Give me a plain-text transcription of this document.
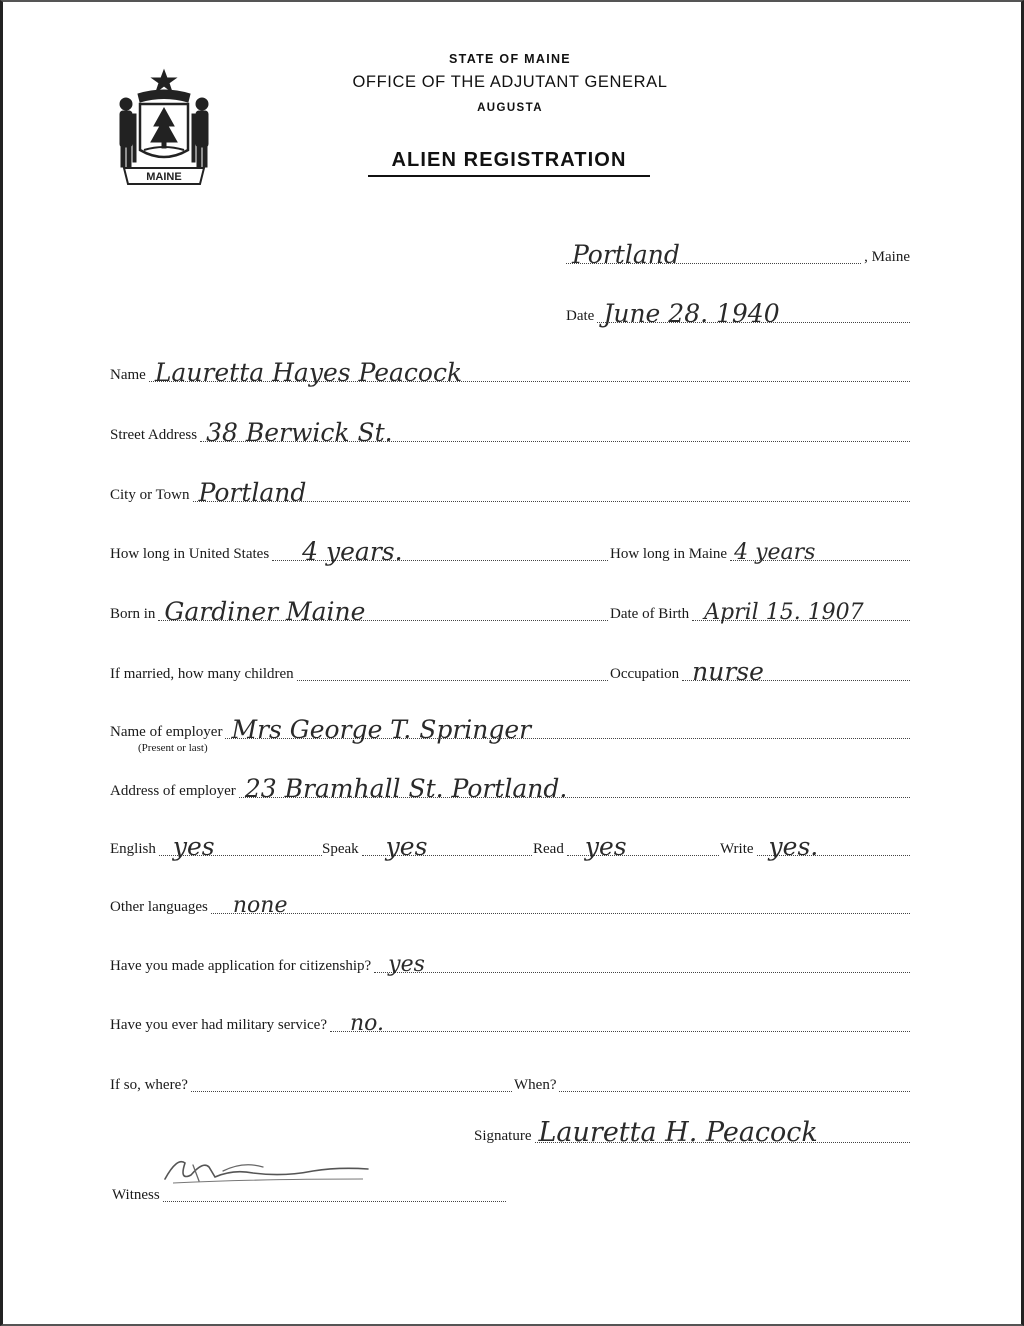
MAINE
STATE OF MAINE
OFFICE OF THE ADJUTANT GENERAL
AUGUSTA
ALIEN REGISTRATION
Portland	, Maine
Date June 28. 1940
Name Lauretta Hayes Peacock
Street Address 38 Berwick St.
City or Town Portland
How long in United States 4 years.	How long in Maine 4 years
Born in Gardiner Maine	Date of Birth April 15. 1907
If married, how many children	Occupation nurse
Name of employer Mrs George T. Springer
(Present or last)
Address of employer 23 Bramhall St. Portland.
English yes	Speak yes	Read yes	Write yes.
Other languages none
Have you made application for citizenship? yes
Have you ever had military service? no.
If so, where?	When?
Signature Lauretta H. Peacock
Witness
